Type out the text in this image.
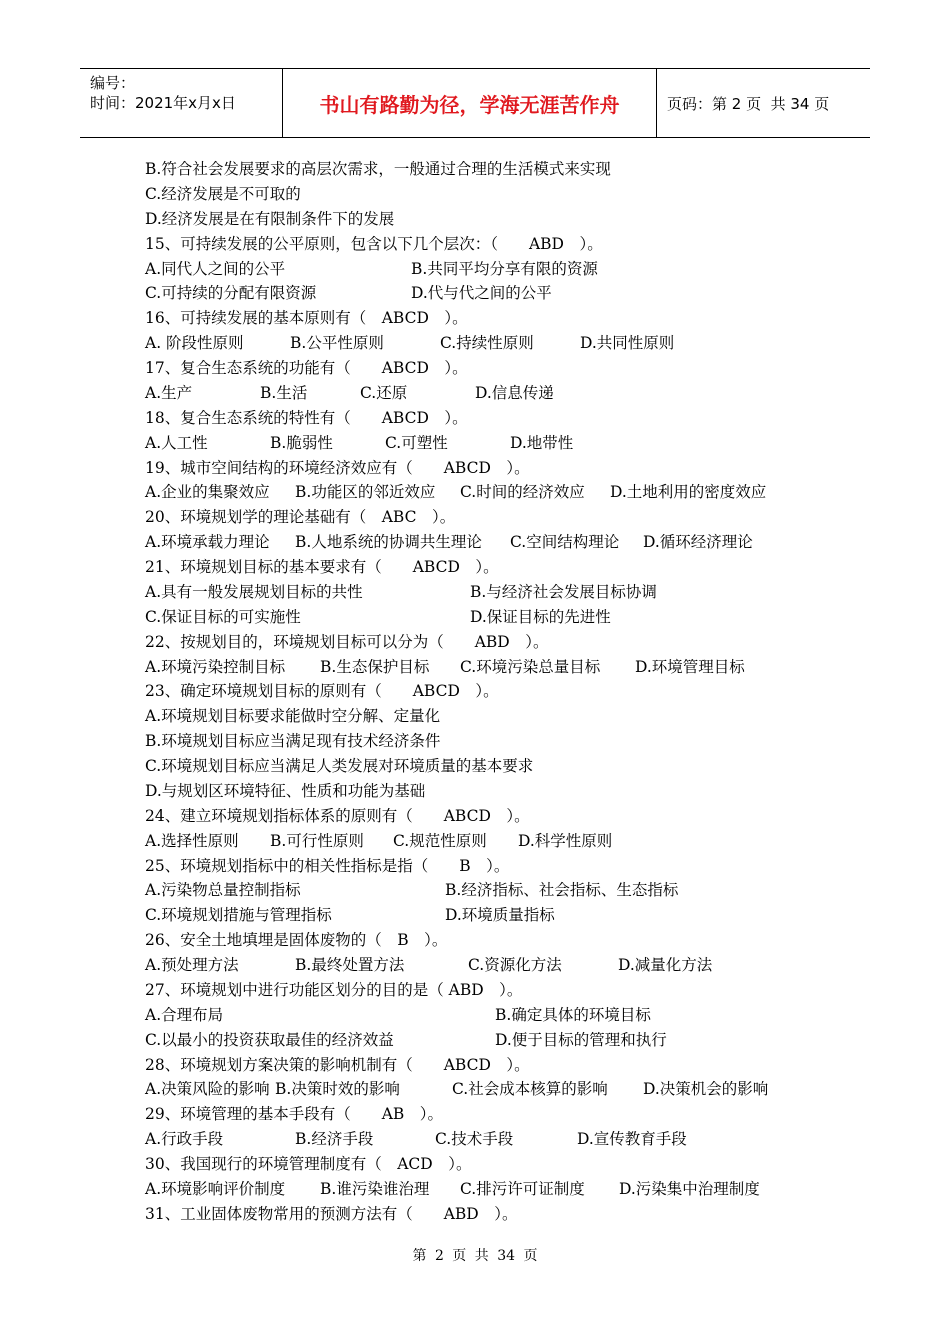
编号：
时间：2021年x月x日	书山有路勤为径，学海无涯苦作舟	页码：第 2 页  共 34 页
B.符合社会发展要求的高层次需求，一般通过合理的生活模式来实现
C.经济发展是不可取的
D.经济发展是在有限制条件下的发展
15、可持续发展的公平原则，包含以下几个层次：（　　ABD　）。
A.同代人之间的公平	B.共同平均分享有限的资源
C.可持续的分配有限资源	D.代与代之间的公平
16、可持续发展的基本原则有（　ABCD　）。
A. 阶段性原则	B.公平性原则	C.持续性原则	D.共同性原则
17、复合生态系统的功能有（　　ABCD　）。
A.生产	B.生活	C.还原	D.信息传递
18、复合生态系统的特性有（　　ABCD　）。
A.人工性	B.脆弱性	C.可塑性	D.地带性
19、城市空间结构的环境经济效应有（　　ABCD　）。
A.企业的集聚效应 B.功能区的邻近效应 C.时间的经济效应 D.土地利用的密度效应
20、环境规划学的理论基础有（　ABC　）。
A.环境承载力理论 B.人地系统的协调共生理论 C.空间结构理论 D.循环经济理论
21、环境规划目标的基本要求有（　　ABCD　）。
A.具有一般发展规划目标的共性	B.与经济社会发展目标协调
C.保证目标的可实施性	D.保证目标的先进性
22、按规划目的，环境规划目标可以分为（　　ABD　）。
A.环境污染控制目标 B.生态保护目标 C.环境污染总量目标 D.环境管理目标
23、确定环境规划目标的原则有（　　ABCD　）。
A.环境规划目标要求能做时空分解、定量化
B.环境规划目标应当满足现有技术经济条件
C.环境规划目标应当满足人类发展对环境质量的基本要求
D.与规划区环境特征、性质和功能为基础
24、建立环境规划指标体系的原则有（　　ABCD　）。
A.选择性原则 B.可行性原则 C.规范性原则 D.科学性原则
25、环境规划指标中的相关性指标是指（　　B　）。
A.污染物总量控制指标	B.经济指标、社会指标、生态指标
C.环境规划措施与管理指标	D.环境质量指标
26、安全土地填埋是固体废物的（　B　）。
A.预处理方法	B.最终处置方法	C.资源化方法	D.减量化方法
27、环境规划中进行功能区划分的目的是（ ABD　）。
A.合理布局	B.确定具体的环境目标
C.以最小的投资获取最佳的经济效益	D.便于目标的管理和执行
28、环境规划方案决策的影响机制有（　　ABCD　）。
A.决策风险的影响 B.决策时效的影响	C.社会成本核算的影响 D.决策机会的影响
29、环境管理的基本手段有（　　AB　）。
A.行政手段	B.经济手段	C.技术手段	D.宣传教育手段
30、我国现行的环境管理制度有（　ACD　）。
A.环境影响评价制度 B.谁污染谁治理 C.排污许可证制度 D.污染集中治理制度
31、工业固体废物常用的预测方法有（　　ABD　）。
第 2 页 共 34 页
